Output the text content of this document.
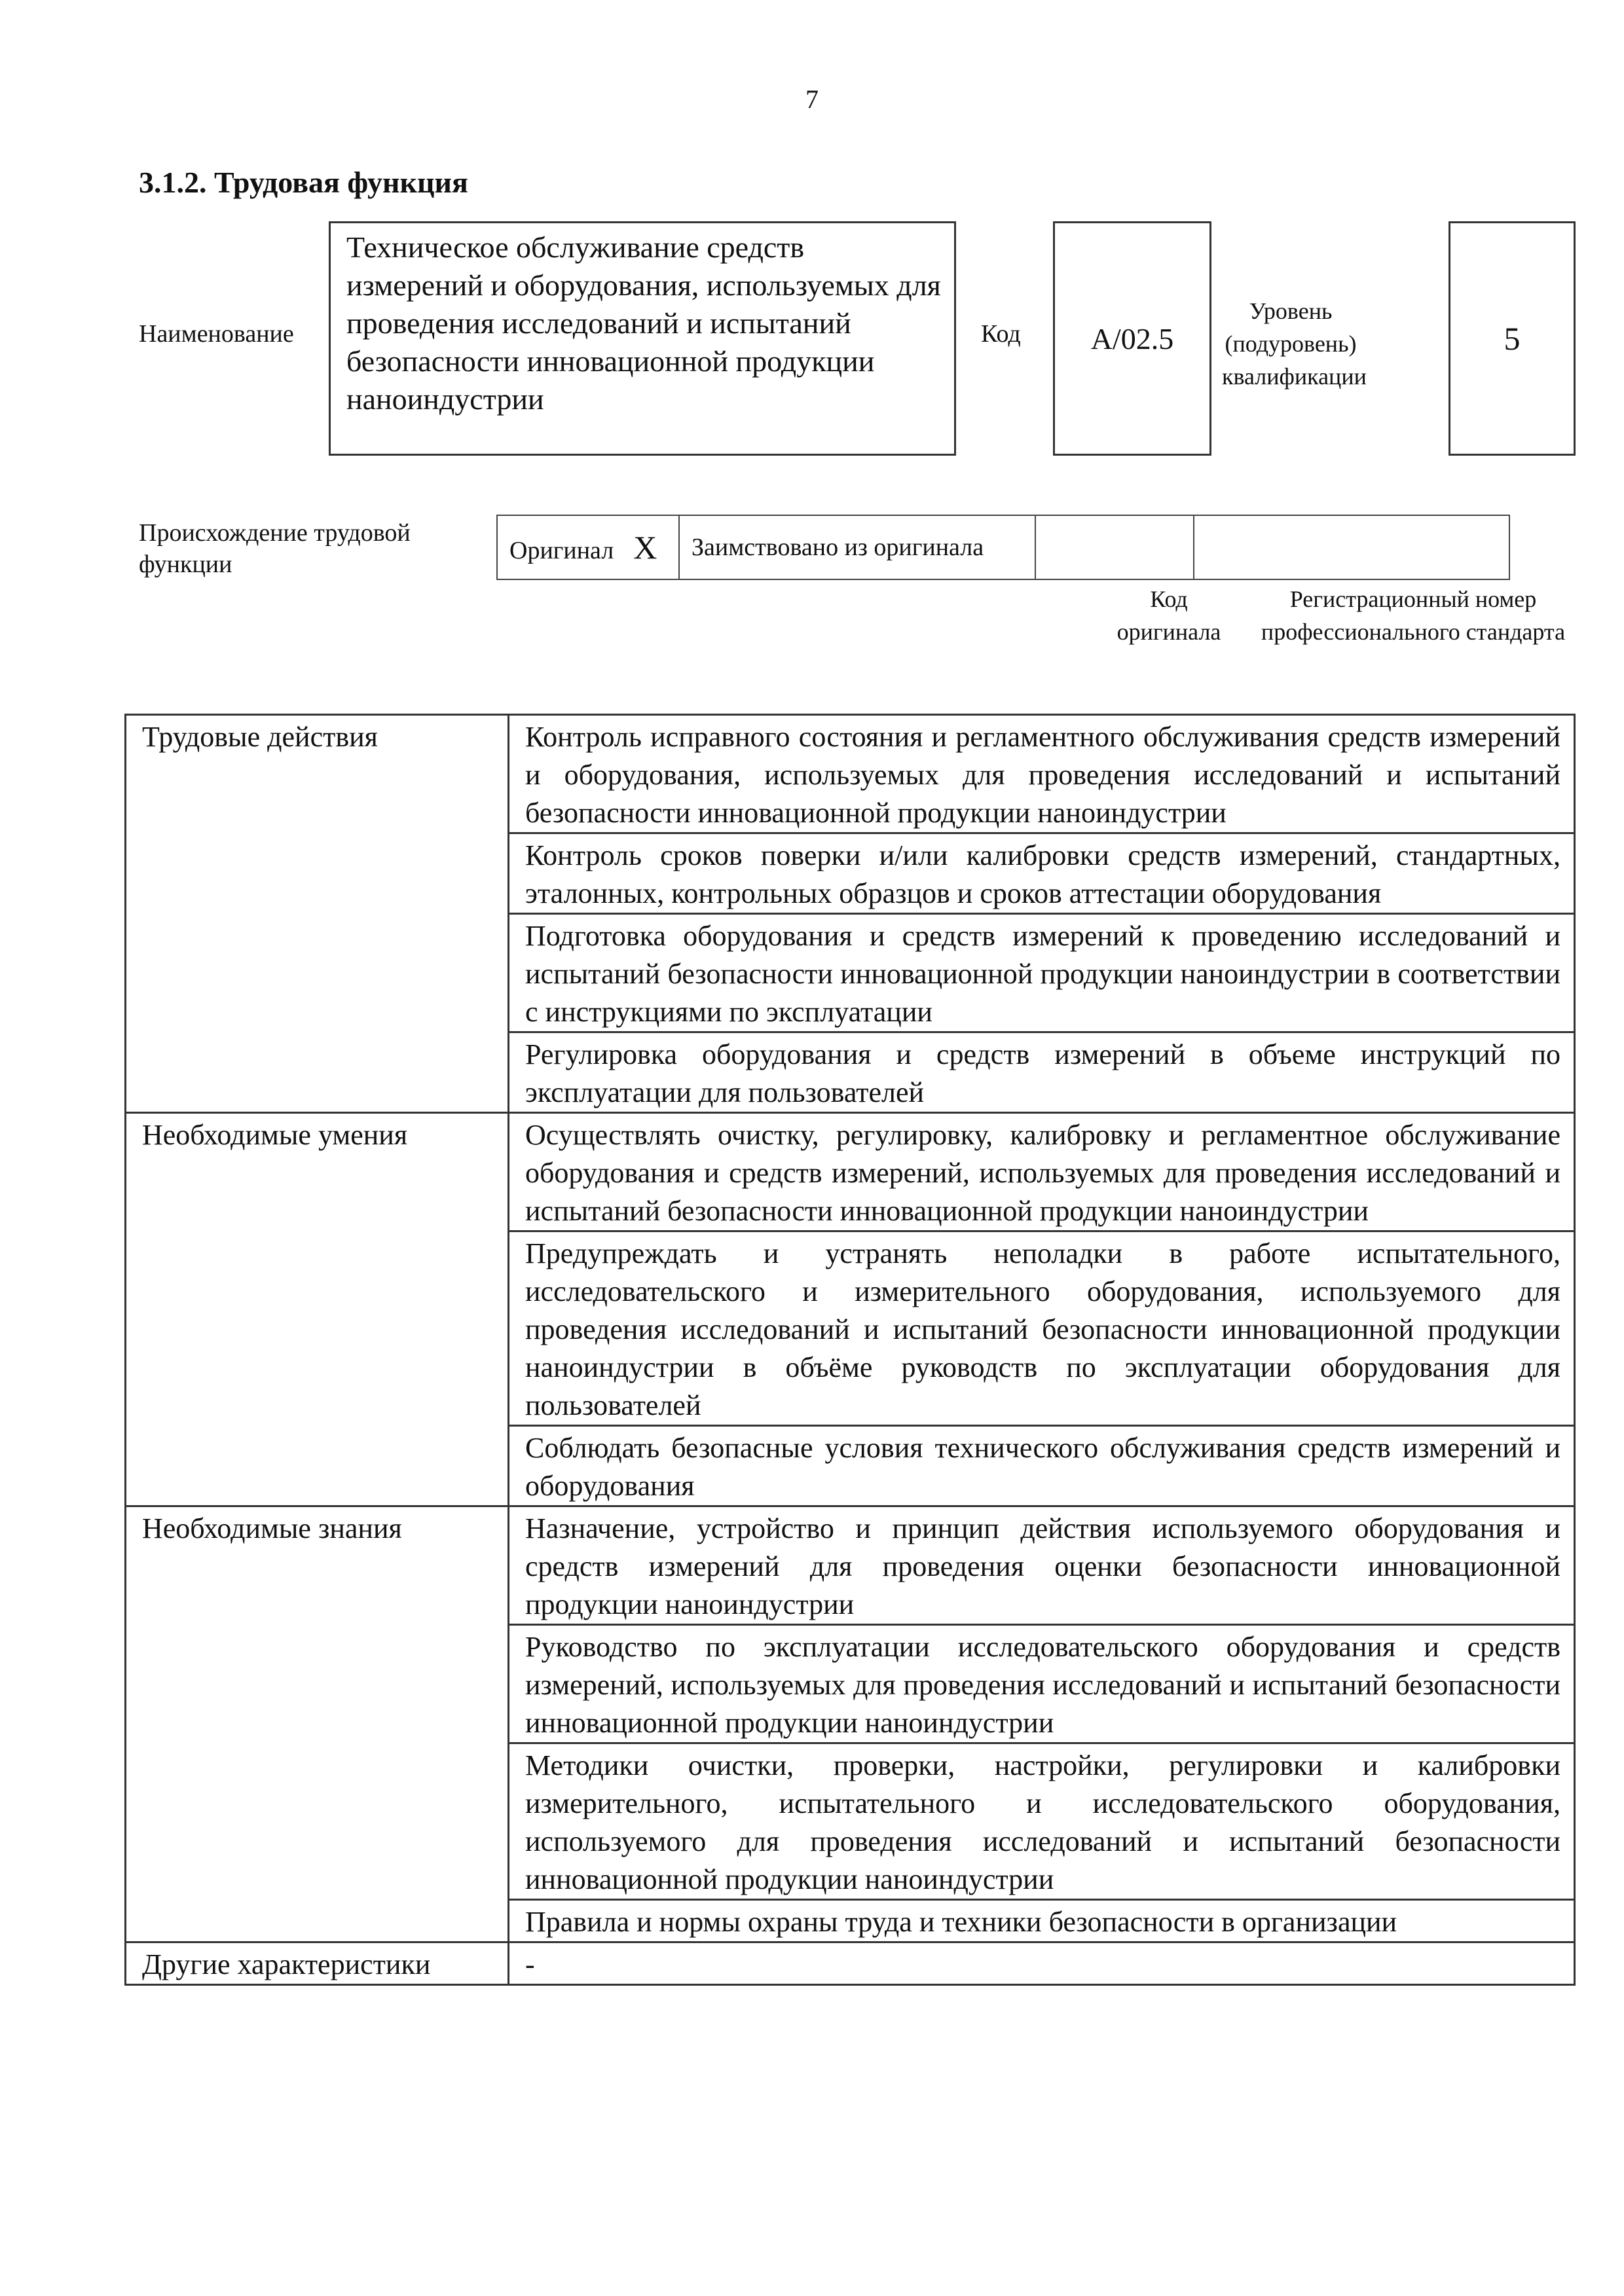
7
3.1.2. Трудовая функция
Наименование
Техническое обслуживание средств измерений и оборудования, используемых для проведения исследований и испытаний безопасности инновационной продукции наноиндустрии
Код A/02.5
Уровень (подуровень) квалификации
5
Происхождение трудовой функции	Оригинал X	Заимствовано из оригинала		
Код оригинала
Регистрационный номер профессионального стандарта
Трудовые действия	Контроль исправного состояния и регламентного обслуживания средств измерений и оборудования, используемых для проведения исследований и испытаний безопасности инновационной продукции наноиндустрии
	Контроль сроков поверки и/или калибровки средств измерений, стандартных, эталонных, контрольных образцов и сроков аттестации оборудования
	Подготовка оборудования и средств измерений к проведению исследований и испытаний безопасности инновационной продукции наноиндустрии в соответствии с инструкциями по эксплуатации
	Регулировка оборудования и средств измерений в объеме инструкций по эксплуатации для пользователей
Необходимые умения	Осуществлять очистку, регулировку, калибровку и регламентное обслуживание оборудования и средств измерений, используемых для проведения исследований и испытаний безопасности инновационной продукции наноиндустрии
	Предупреждать и устранять неполадки в работе испытательного, исследовательского и измерительного оборудования, используемого для проведения исследований и испытаний безопасности инновационной продукции наноиндустрии в объёме руководств по эксплуатации оборудования для пользователей
	Соблюдать безопасные условия технического обслуживания средств измерений и оборудования
Необходимые знания	Назначение, устройство и принцип действия используемого оборудования и средств измерений для проведения оценки безопасности инновационной продукции наноиндустрии
	Руководство по эксплуатации исследовательского оборудования и средств измерений, используемых для проведения исследований и испытаний безопасности инновационной продукции наноиндустрии
	Методики очистки, проверки, настройки, регулировки и калибровки измерительного, испытательного и исследовательского оборудования, используемого для проведения исследований и испытаний безопасности инновационной продукции наноиндустрии
	Правила и нормы охраны труда и техники безопасности в организации
Другие характеристики	-
